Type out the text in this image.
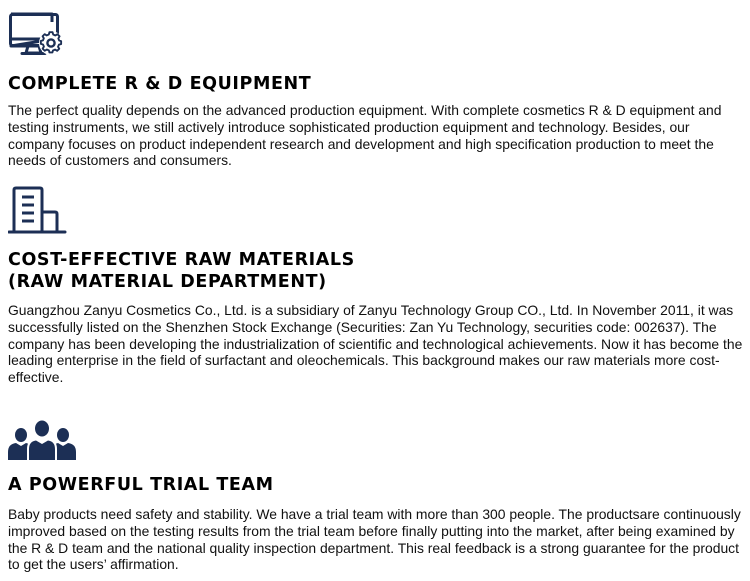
COMPLETE R & D EQUIPMENT

The perfect quality depends on the advanced production equipment. With complete cosmetics R & D equipment and testing instruments, we still actively introduce sophisticated production equipment and technology. Besides, our company focuses on product independent research and development and high specification production to meet the needs of customers and consumers.

COST-EFFECTIVE RAW MATERIALS
(RAW MATERIAL DEPARTMENT)

Guangzhou Zanyu Cosmetics Co., Ltd. is a subsidiary of Zanyu Technology Group CO., Ltd. In November 2011, it was successfully listed on the Shenzhen Stock Exchange (Securities: Zan Yu Technology, securities code: 002637). The company has been developing the industrialization of scientific and technological achievements. Now it has become the leading enterprise in the field of surfactant and oleochemicals. This background makes our raw materials more cost-effective.

A POWERFUL TRIAL TEAM

Baby products need safety and stability. We have a trial team with more than 300 people. The productsare continuously improved based on the testing results from the trial team before finally putting into the market, after being examined by the R & D team and the national quality inspection department. This real feedback is a strong guarantee for the product to get the users’ affirmation.
